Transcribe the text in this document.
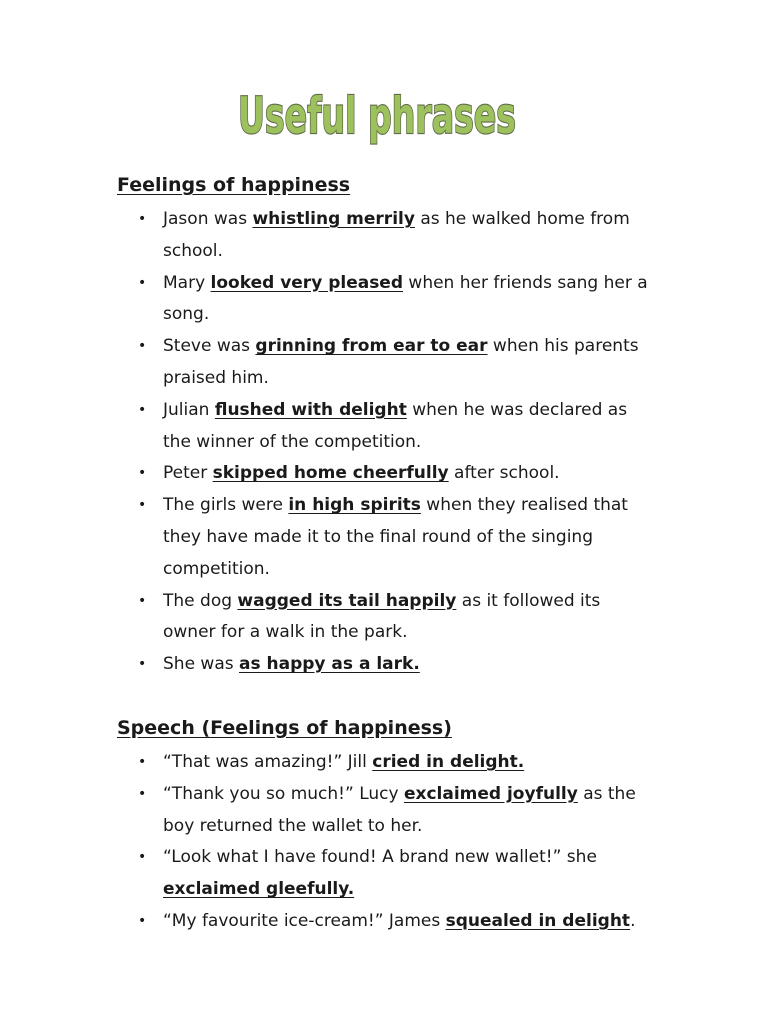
Useful phrases
Feelings of happiness
• Jason was whistling merrily as he walked home from school.
• Mary looked very pleased when her friends sang her a song.
• Steve was grinning from ear to ear when his parents praised him.
• Julian flushed with delight when he was declared as the winner of the competition.
• Peter skipped home cheerfully after school.
• The girls were in high spirits when they realised that they have made it to the final round of the singing competition.
• The dog wagged its tail happily as it followed its owner for a walk in the park.
• She was as happy as a lark.
Speech (Feelings of happiness)
• “That was amazing!” Jill cried in delight.
• “Thank you so much!” Lucy exclaimed joyfully as the boy returned the wallet to her.
• “Look what I have found! A brand new wallet!” she exclaimed gleefully.
• “My favourite ice-cream!” James squealed in delight.
